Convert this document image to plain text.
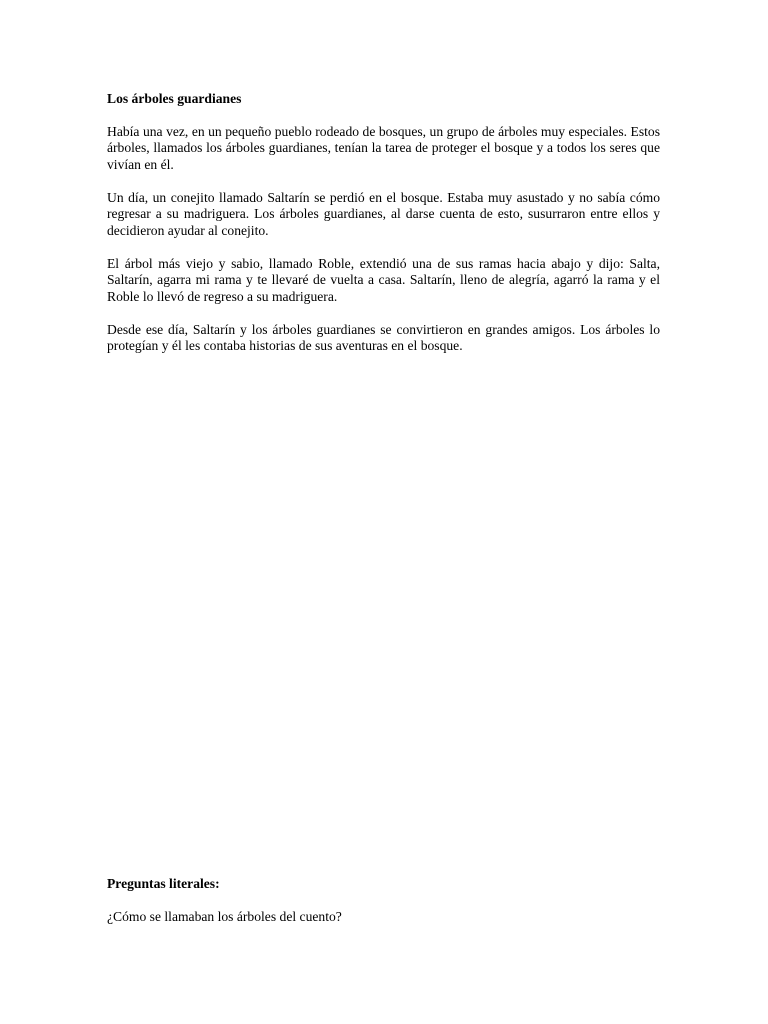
Los árboles guardianes

Había una vez, en un pequeño pueblo rodeado de bosques, un grupo de árboles muy especiales. Estos árboles, llamados los árboles guardianes, tenían la tarea de proteger el bosque y a todos los seres que vivían en él.

Un día, un conejito llamado Saltarín se perdió en el bosque. Estaba muy asustado y no sabía cómo regresar a su madriguera. Los árboles guardianes, al darse cuenta de esto, susurraron entre ellos y decidieron ayudar al conejito.

El árbol más viejo y sabio, llamado Roble, extendió una de sus ramas hacia abajo y dijo: Salta, Saltarín, agarra mi rama y te llevaré de vuelta a casa. Saltarín, lleno de alegría, agarró la rama y el Roble lo llevó de regreso a su madriguera.

Desde ese día, Saltarín y los árboles guardianes se convirtieron en grandes amigos. Los árboles lo protegían y él les contaba historias de sus aventuras en el bosque.

Preguntas literales:
¿Cómo se llamaban los árboles del cuento?
